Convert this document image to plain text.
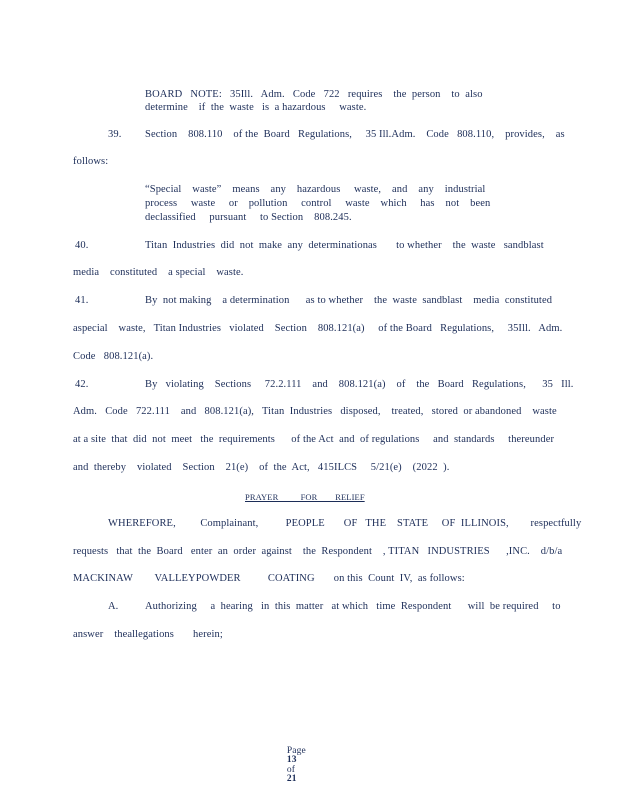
BOARD   NOTE:   35Ill.   Adm.   Code   722   requires    the  person    to  also
determine    if  the  waste   is  a hazardous     waste.
39. Section    808.110    of the  Board   Regulations,     35 Ill.Adm.    Code   808.110,    provides,    as
follows:
“Special    waste”    means    any    hazardous     waste,    and    any    industrial
process     waste     or    pollution     control     waste    which     has    not    been
declassified     pursuant     to Section    808.245.
40.	Titan  Industries  did  not  make  any  determinationas       to whether    the  waste   sandblast
media    constituted    a special    waste.
41.	By  not making    a determination      as to whether    the  waste  sandblast    media  constituted
aspecial    waste,   Titan Industries   violated    Section    808.121(a)     of the Board   Regulations,     35Ill.   Adm.
Code   808.121(a).
42.	By   violating    Sections     72.2.111    and    808.121(a)    of    the   Board   Regulations,      35   Ill.
Adm.   Code   722.111    and   808.121(a),   Titan  Industries   disposed,    treated,   stored  or abandoned    waste
at a site  that  did  not  meet   the  requirements      of the Act  and  of regulations     and  standards     thereunder
and  thereby    violated    Section    21(e)    of  the  Act,   415ILCS     5/21(e)    (2022  ).
PRAYER          FOR        RELIEF
WHEREFORE,         Complainant,          PEOPLE       OF   THE    STATE     OF  ILLINOIS,        respectfully
requests   that  the  Board   enter  an  order  against    the  Respondent    , TITAN   INDUSTRIES      ,INC.    d/b/a
MACKINAW        VALLEYPOWDER          COATING       on this  Count  IV,  as follows:
A.	Authorizing     a  hearing   in  this  matter   at which   time  Respondent      will  be required     to
answer    theallegations       herein;

Page
13
of
21
